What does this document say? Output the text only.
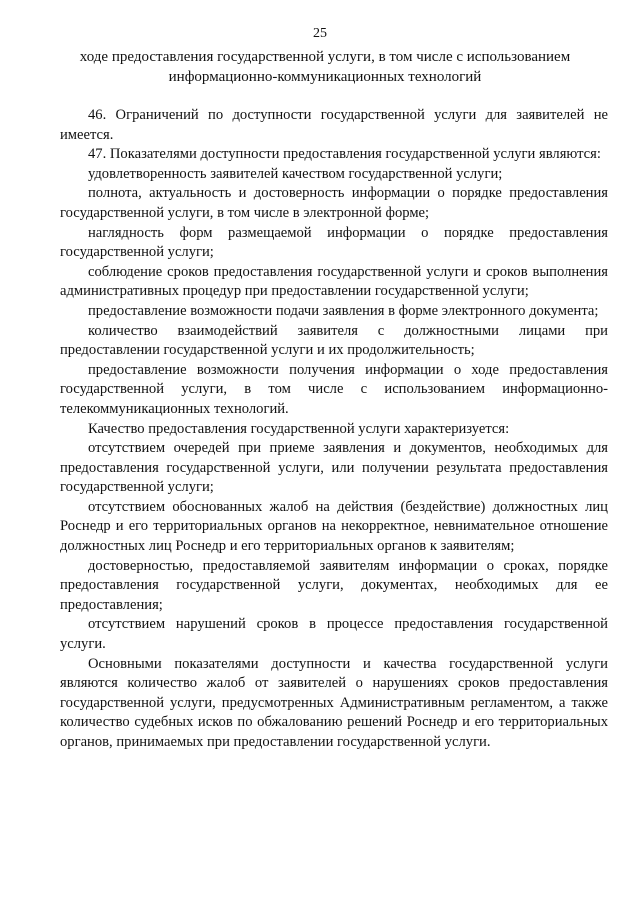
25
ходе предоставления государственной услуги, в том числе с использованием
информационно-коммуникационных технологий

46. Ограничений по доступности государственной услуги для заявителей не имеется.

47. Показателями доступности предоставления государственной услуги являются:

удовлетворенность заявителей качеством государственной услуги;

полнота, актуальность и достоверность информации о порядке предоставления государственной услуги, в том числе в электронной форме;

наглядность форм размещаемой информации о порядке предоставления государственной услуги;

соблюдение сроков предоставления государственной услуги и сроков выполнения административных процедур при предоставлении государственной услуги;

предоставление возможности подачи заявления в форме электронного документа;

количество взаимодействий заявителя с должностными лицами при предоставлении государственной услуги и их продолжительность;

предоставление возможности получения информации о ходе предоставления государственной услуги, в том числе с использованием информационно-телекоммуникационных технологий.

Качество предоставления государственной услуги характеризуется:

отсутствием очередей при приеме заявления и документов, необходимых для предоставления государственной услуги, или получении результата предоставления государственной услуги;

отсутствием обоснованных жалоб на действия (бездействие) должностных лиц Роснедр и его территориальных органов на некорректное, невнимательное отношение должностных лиц Роснедр и его территориальных органов к заявителям;

достоверностью, предоставляемой заявителям информации о сроках, порядке предоставления государственной услуги, документах, необходимых для ее предоставления;

отсутствием нарушений сроков в процессе предоставления государственной услуги.

Основными показателями доступности и качества государственной услуги являются количество жалоб от заявителей о нарушениях сроков предоставления государственной услуги, предусмотренных Административным регламентом, а также количество судебных исков по обжалованию решений Роснедр и его территориальных органов, принимаемых при предоставлении государственной услуги.
